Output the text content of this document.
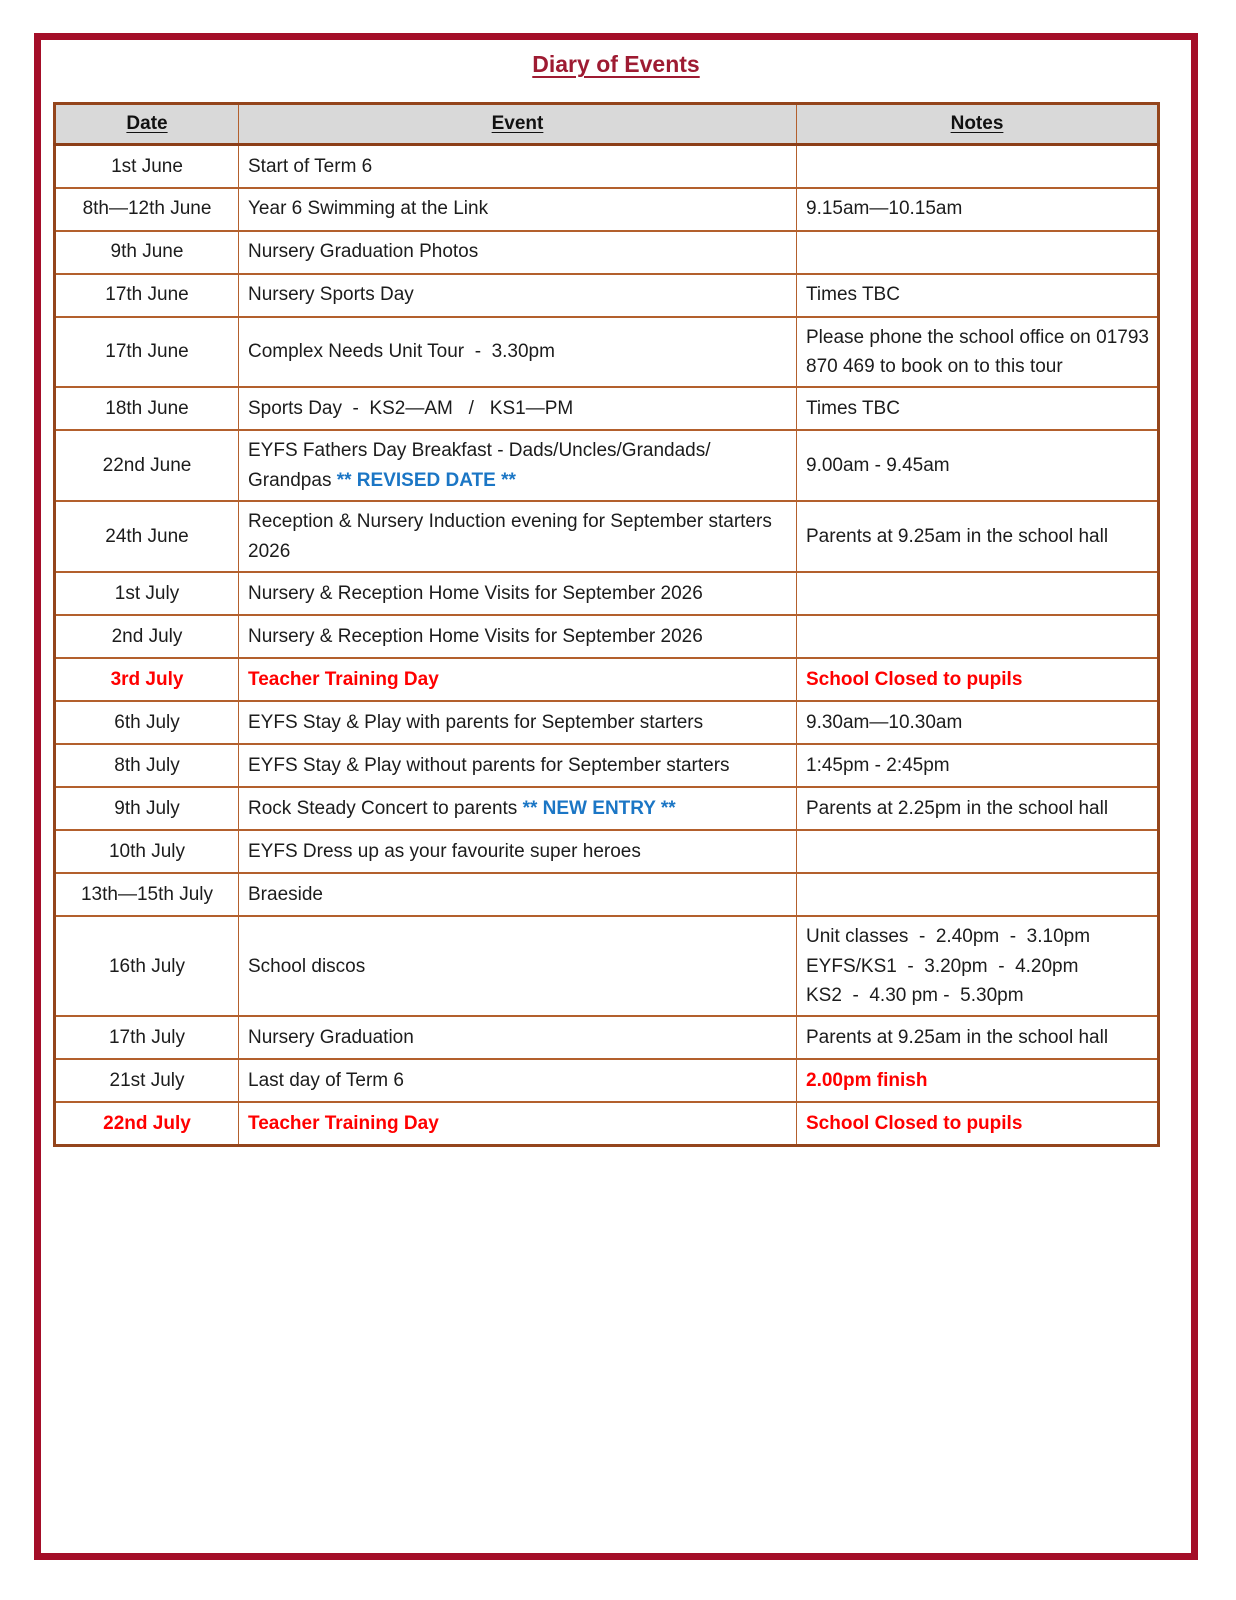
Diary of Events
Date	Event	Notes
1st June	Start of Term 6	
8th—12th June	Year 6 Swimming at the Link	9.15am—10.15am

9th June	Nursery Graduation Photos	
17th June	Nursery Sports Day	Times TBC

17th June	Complex Needs Unit Tour  -  3.30pm	Please phone the school office on 01793 870 469 to book on to this tour

18th June	Sports Day  -  KS2—AM   /​   KS1—PM	Times TBC

22nd June	EYFS Fathers Day Breakfast - Dads/​Uncles/​Grandads/​Grandpas ** REVISED DATE **	9.00am - 9.45am

24th June	Reception & Nursery Induction evening for September starters 2026	Parents at 9.25am in the school hall

1st July	Nursery & Reception Home Visits for September 2026	
2nd July	Nursery & Reception Home Visits for September 2026	
3rd July	Teacher Training Day	School Closed to pupils

6th July	EYFS Stay & Play with parents for September starters	9.30am—10.30am

8th July	EYFS Stay & Play without parents for September starters	1:45pm - 2:45pm

9th July	Rock Steady Concert to parents ** NEW ENTRY **	Parents at 2.25pm in the school hall

10th July	EYFS Dress up as your favourite super heroes	
13th—15th July	Braeside	
16th July	School discos	Unit classes  -  2.40pm  -  3.10pm
EYFS/KS1  -  3.20pm  -  4.20pm
KS2  -  4.30 pm -  5.30pm

17th July	Nursery Graduation	Parents at 9.25am in the school hall

21st July	Last day of Term 6	2.00pm finish

22nd July	Teacher Training Day	School Closed to pupils
